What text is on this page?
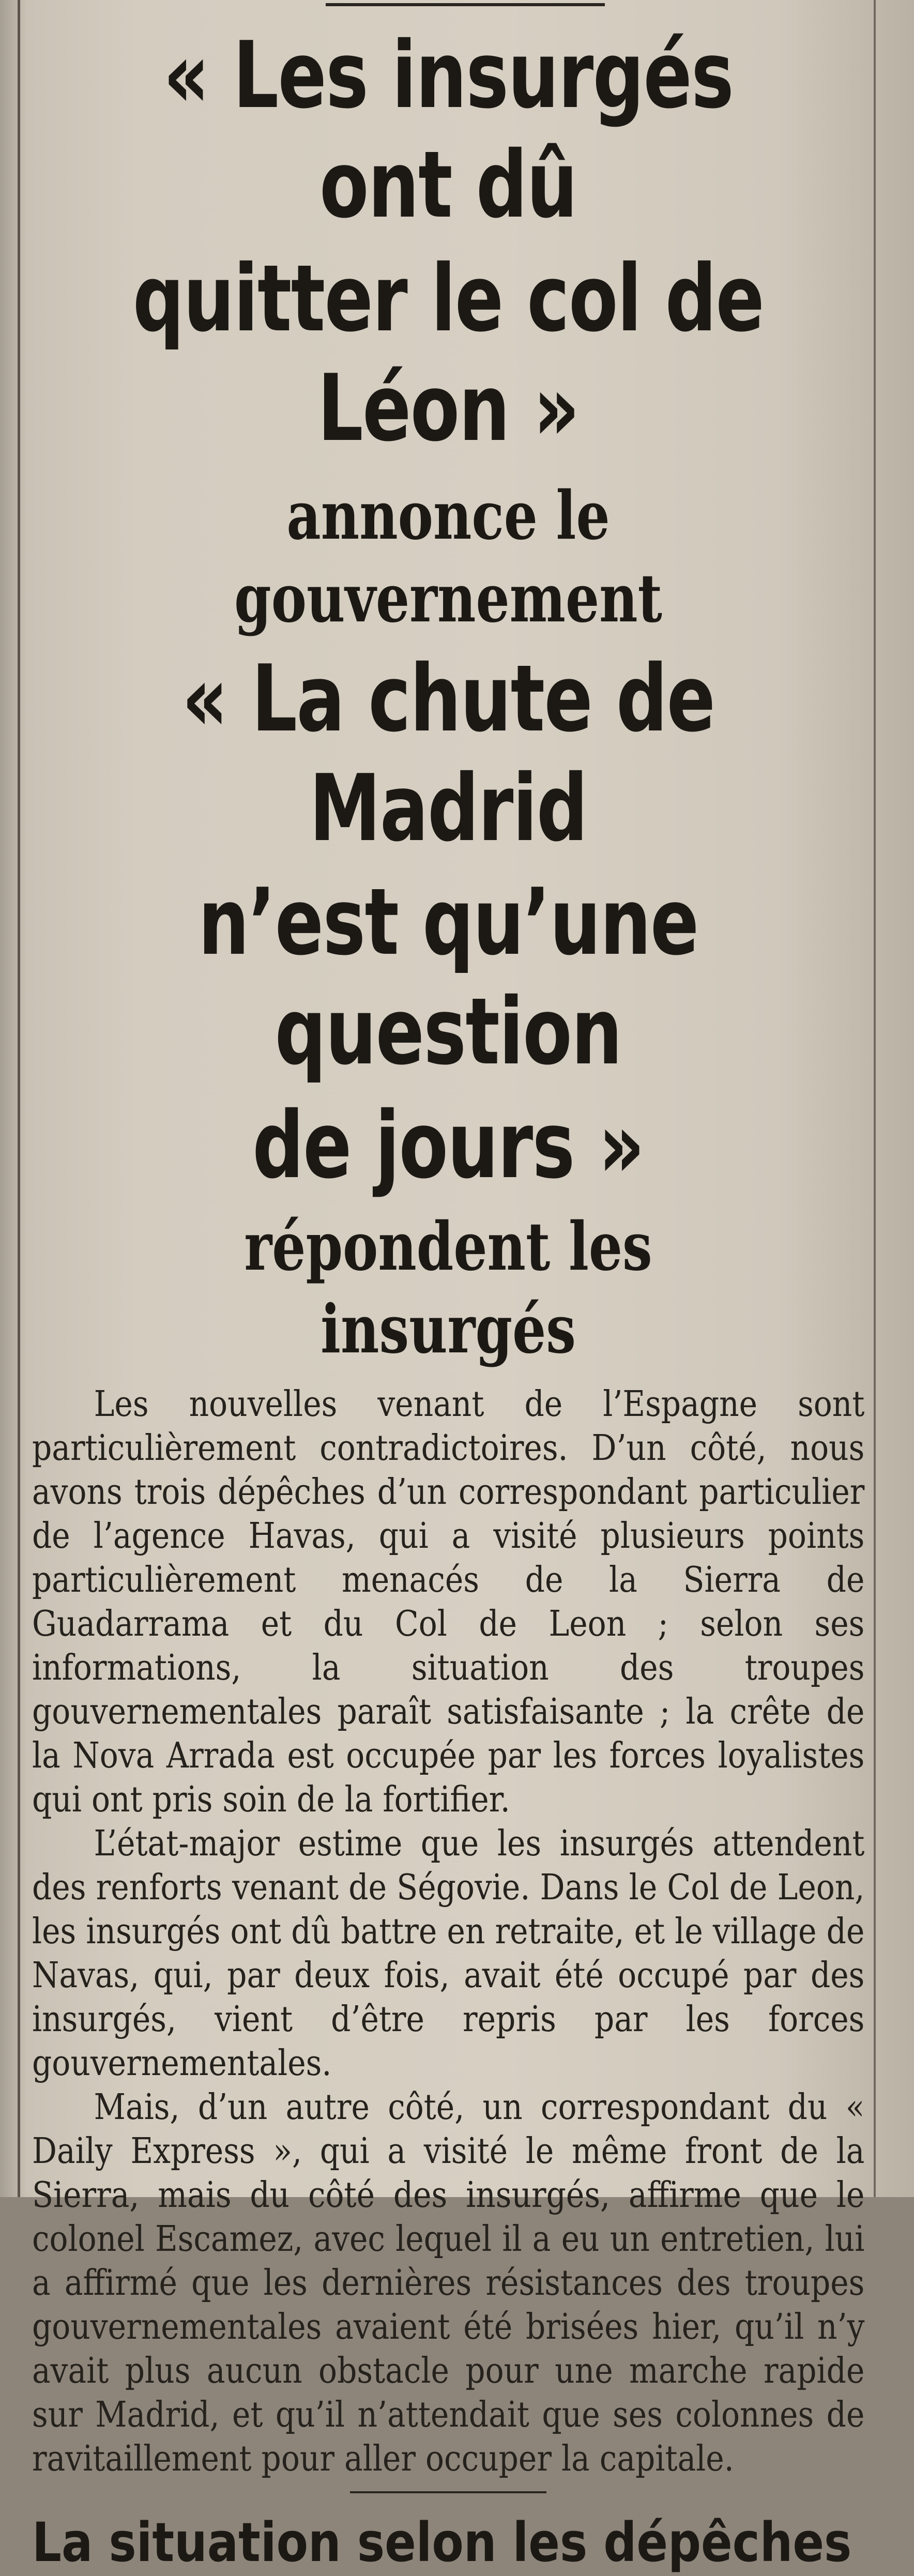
« Les insurgés ont dû
quitter le col de Léon »
annonce le gouvernement
« La chute de Madrid
n’est qu’une question
de jours »
répondent les insurgés

Les nouvelles venant de l’Espagne sont particulièrement contradictoires. D’un côté, nous avons trois dépêches d’un correspondant particulier de l’agence Havas, qui a visité plusieurs points particulièrement menacés de la Sierra de Guadarrama et du Col de Leon ; selon ses informations, la situation des troupes gouvernementales paraît satisfaisante ; la crête de la Nova Arrada est occupée par les forces loyalistes qui ont pris soin de la fortifier.

L’état-major estime que les insurgés attendent des renforts venant de Ségovie. Dans le Col de Leon, les insurgés ont dû battre en retraite, et le village de Navas, qui, par deux fois, avait été occupé par des insurgés, vient d’être repris par les forces gouvernementales.

Mais, d’un autre côté, un correspondant du « Daily Express », qui a visité le même front de la Sierra, mais du côté des insurgés, affirme que le colonel Escamez, avec lequel il a eu un entretien, lui a affirmé que les dernières résistances des troupes gouvernementales avaient été brisées hier, qu’il n’y avait plus aucun obstacle pour une marche rapide sur Madrid, et qu’il n’attendait que ses colonnes de ravitaillement pour aller occuper la capitale.

La situation selon les dépêches
